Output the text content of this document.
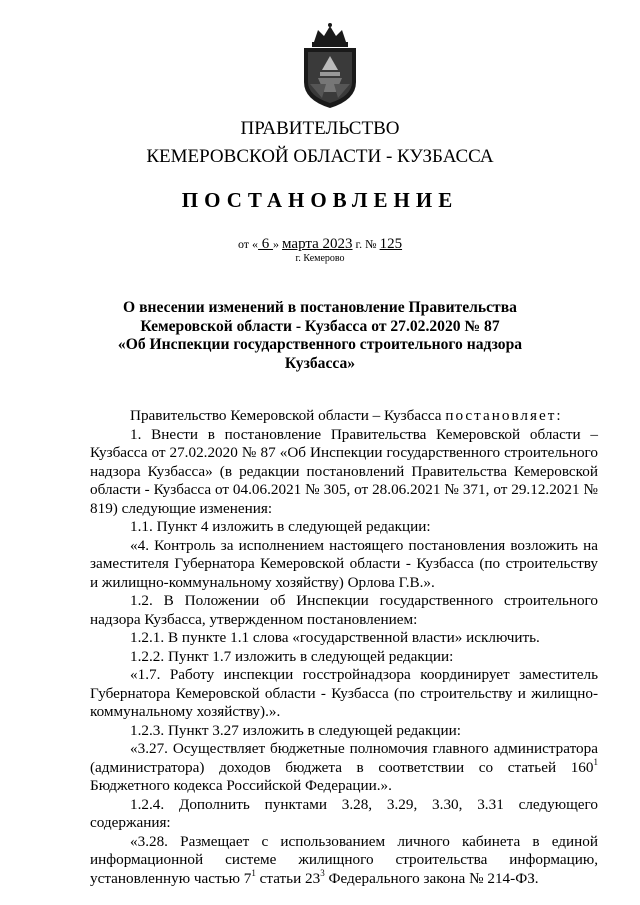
ПРАВИТЕЛЬСТВО
КЕМЕРОВСКОЙ ОБЛАСТИ - КУЗБАССА
ПОСТАНОВЛЕНИЕ
от « 6 » марта 2023 г. № 125
г. Кемерово
О внесении изменений в постановление Правительства
Кемеровской области - Кузбасса от 27.02.2020 № 87
«Об Инспекции государственного строительного надзора
Кузбасса»

Правительство Кемеровской области – Кузбасса постановляет:

1. Внести в постановление Правительства Кемеровской области – Кузбасса от 27.02.2020 № 87 «Об Инспекции государственного строительного надзора Кузбасса» (в редакции постановлений Правительства Кемеровской области - Кузбасса от 04.06.2021 № 305, от 28.06.2021 № 371, от 29.12.2021 № 819) следующие изменения:

1.1. Пункт 4 изложить в следующей редакции:

«4. Контроль за исполнением настоящего постановления возложить на заместителя Губернатора Кемеровской области - Кузбасса (по строительству и жилищно-коммунальному хозяйству) Орлова Г.В.».

1.2. В Положении об Инспекции государственного строительного надзора Кузбасса, утвержденном постановлением:

1.2.1. В пункте 1.1 слова «государственной власти» исключить.

1.2.2. Пункт 1.7 изложить в следующей редакции:

«1.7. Работу инспекции госстройнадзора координирует заместитель Губернатора Кемеровской области - Кузбасса (по строительству и жилищно-коммунальному хозяйству).».

1.2.3. Пункт 3.27 изложить в следующей редакции:

«3.27. Осуществляет бюджетные полномочия главного администратора (администратора) доходов бюджета в соответствии со статьей $160^1$ Бюджетного кодекса Российской Федерации.».

1.2.4. Дополнить пунктами 3.28, 3.29, 3.30, 3.31 следующего содержания:

«3.28. Размещает с использованием личного кабинета в единой информационной системе жилищного строительства информацию, установленную частью $7^1$ статьи $23^3$ Федерального закона № 214-ФЗ.
